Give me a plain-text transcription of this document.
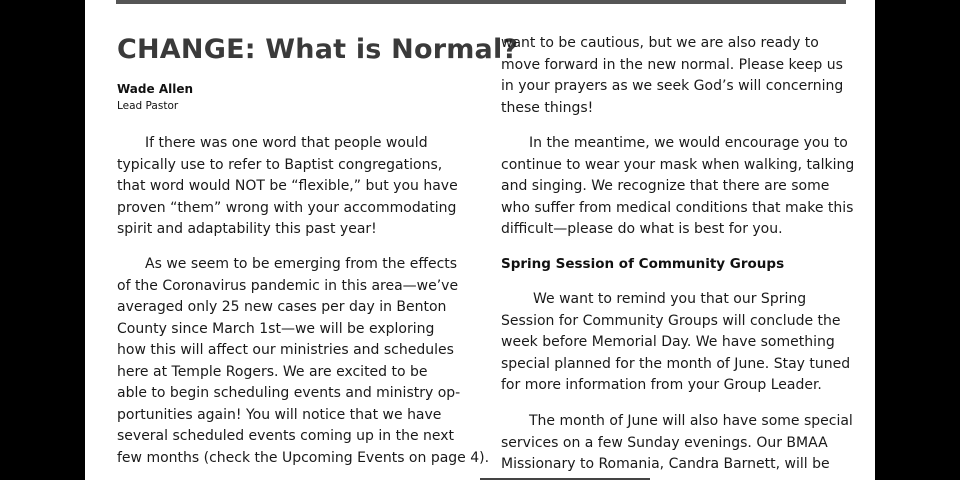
CHANGE: What is Normal?
Wade Allen
Lead Pastor

If there was one word that people would
typically use to refer to Baptist congregations,
that word would NOT be “flexible,” but you have
proven “them” wrong with your accommodating
spirit and adaptability this past year!

As we seem to be emerging from the effects
of the Coronavirus pandemic in this area—we’ve
averaged only 25 new cases per day in Benton
County since March 1st—we will be exploring
how this will affect our ministries and schedules
here at Temple Rogers. We are excited to be
able to begin scheduling events and ministry op-
portunities again! You will notice that we have
several scheduled events coming up in the next
few months (check the Upcoming Events on page 4).

want to be cautious, but we are also ready to
move forward in the new normal. Please keep us
in your prayers as we seek God’s will concerning
these things!

In the meantime, we would encourage you to
continue to wear your mask when walking, talking
and singing. We recognize that there are some
who suffer from medical conditions that make this
difficult—please do what is best for you.

Spring Session of Community Groups

We want to remind you that our Spring
Session for Community Groups will conclude the
week before Memorial Day. We have something
special planned for the month of June. Stay tuned
for more information from your Group Leader.

The month of June will also have some special
services on a few Sunday evenings. Our BMAA
Missionary to Romania, Candra Barnett, will be
